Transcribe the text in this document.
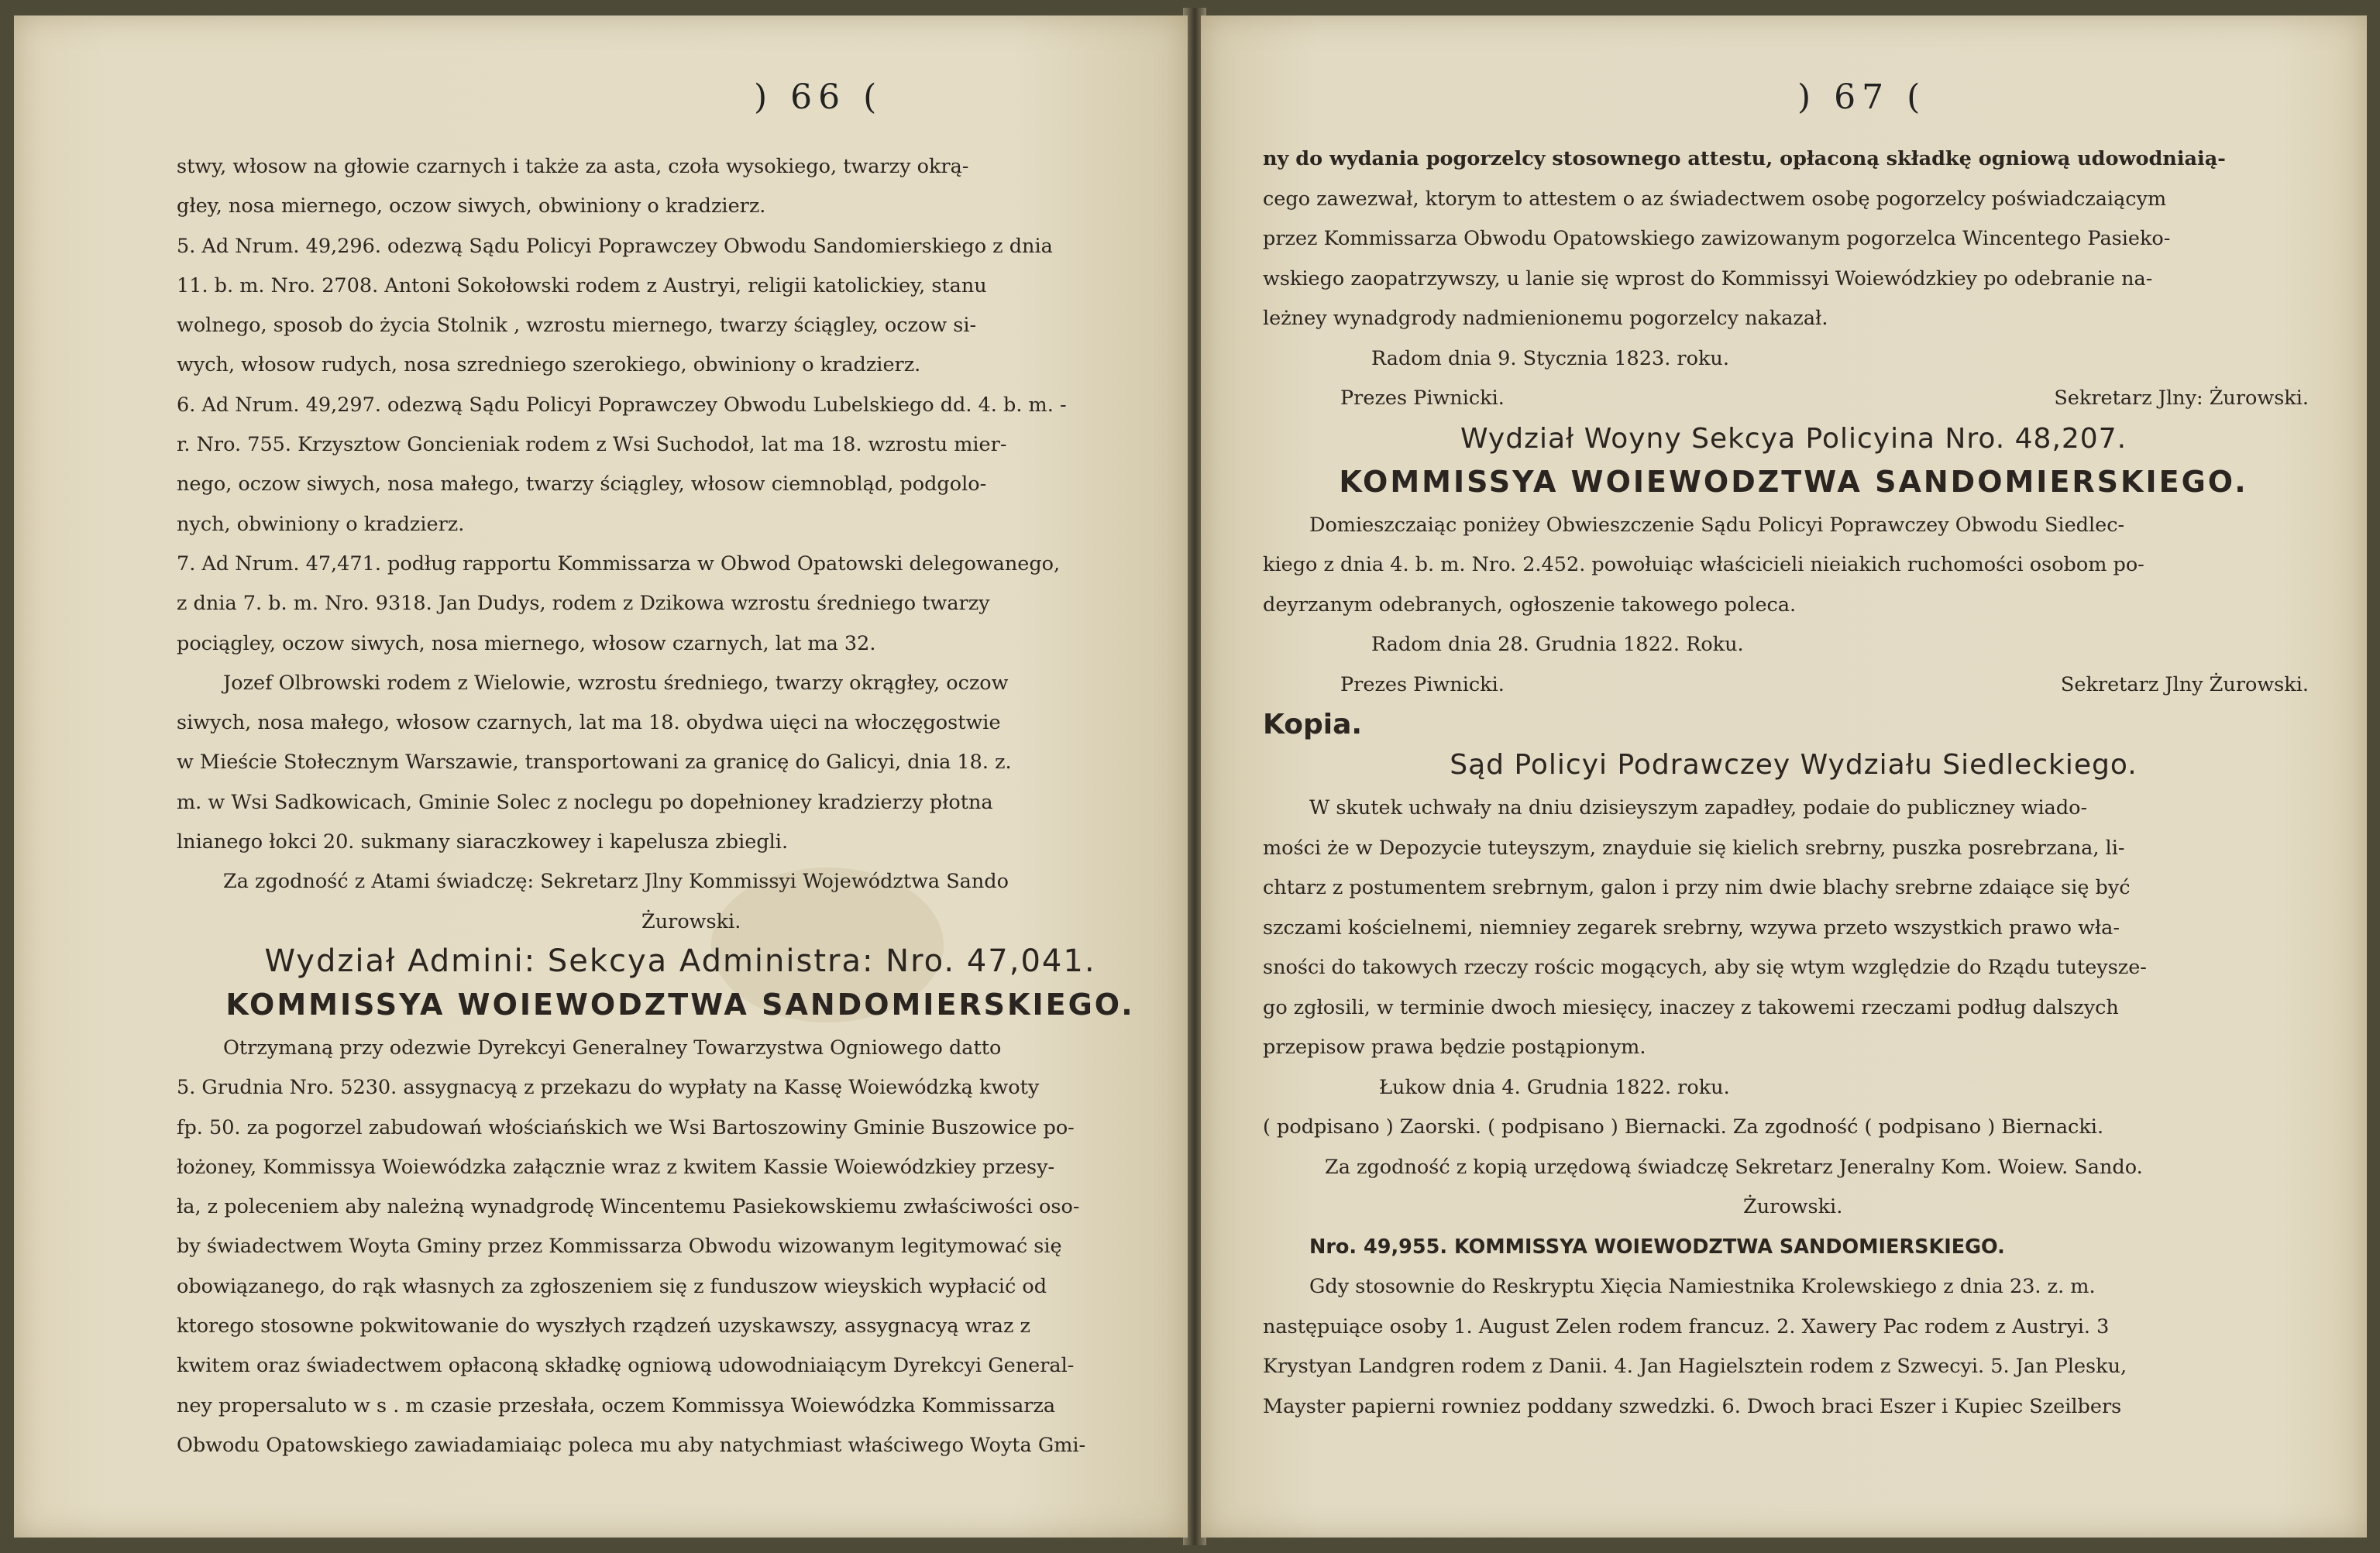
) 66 (
stwy, włosow na głowie czarnych i także za asta, czoła wysokiego, twarzy okrą-
głey, nosa miernego, oczow siwych, obwiniony o kradzierz.
5. Ad Nrum. 49,296. odezwą Sądu Policyi Poprawczey Obwodu Sandomierskiego z dnia
11. b. m. Nro. 2708. Antoni Sokołowski rodem z Austryi, religii katolickiey, stanu
wolnego, sposob do życia Stolnik , wzrostu miernego, twarzy ściągley, oczow si-
wych, włosow rudych, nosa szredniego szerokiego, obwiniony o kradzierz.
6. Ad Nrum. 49,297. odezwą Sądu Policyi Poprawczey Obwodu Lubelskiego dd. 4. b. m. -
r. Nro. 755. Krzysztow Goncieniak rodem z Wsi Suchodoł, lat ma 18. wzrostu mier-
nego, oczow siwych, nosa małego, twarzy ściągley, włosow ciemnobląd, podgolo-
nych, obwiniony o kradzierz.
7. Ad Nrum. 47,471. podług rapportu Kommissarza w Obwod Opatowski delegowanego,
z dnia 7. b. m. Nro. 9318. Jan Dudys, rodem z Dzikowa wzrostu średniego twarzy
pociągley, oczow siwych, nosa miernego, włosow czarnych, lat ma 32.
Jozef Olbrowski rodem z Wielowie, wzrostu średniego, twarzy okrągłey, oczow
siwych, nosa małego, włosow czarnych, lat ma 18. obydwa uięci na włoczęgostwie
w Mieście Stołecznym Warszawie, transportowani za granicę do Galicyi, dnia 18. z.
m. w Wsi Sadkowicach, Gminie Solec z noclegu po dopełnioney kradzierzy płotna
lnianego łokci 20. sukmany siaraczkowey i kapelusza zbiegli.
Za zgodność z Atami świadczę: Sekretarz Jlny Kommissyi Województwa Sando
Żurowski.
Wydział Admini: Sekcya Administra: Nro. 47,041.
KOMMISSYA WOIEWODZTWA SANDOMIERSKIEGO.
Otrzymaną przy odezwie Dyrekcyi Generalney Towarzystwa Ogniowego datto
5. Grudnia Nro. 5230. assygnacyą z przekazu do wypłaty na Kassę Woiewódzką kwoty
fp. 50. za pogorzel zabudowań włościańskich we Wsi Bartoszowiny Gminie Buszowice po-
łożoney, Kommissya Woiewódzka załącznie wraz z kwitem Kassie Woiewódzkiey przesy-
ła, z poleceniem aby należną wynadgrodę Wincentemu Pasiekowskiemu zwłaściwości oso-
by świadectwem Woyta Gminy przez Kommissarza Obwodu wizowanym legitymować się
obowiązanego, do rąk własnych za zgłoszeniem się z funduszow wieyskich wypłacić od
ktorego stosowne pokwitowanie do wyszłych rządzeń uzyskawszy, assygnacyą wraz z
kwitem oraz świadectwem opłaconą składkę ogniową udowodniaiącym Dyrekcyi General-
ney propersaluto w s . m czasie przesłała, oczem Kommissya Woiewódzka Kommissarza
Obwodu Opatowskiego zawiadamiaiąc poleca mu aby natychmiast właściwego Woyta Gmi-
) 67 (
ny do wydania pogorzelcy stosownego attestu, opłaconą składkę ogniową udowodniaią-
cego zawezwał, ktorym to attestem o az świadectwem osobę pogorzelcy poświadczaiącym
przez Kommissarza Obwodu Opatowskiego zawizowanym pogorzelca Wincentego Pasieko-
wskiego zaopatrzywszy, u lanie się wprost do Kommissyi Woiewódzkiey po odebranie na-
leżney wynadgrody nadmienionemu pogorzelcy nakazał.
Radom dnia 9. Stycznia 1823. roku.
Prezes Piwnicki.	Sekretarz Jlny: Żurowski.
Wydział Woyny Sekcya Policyina Nro. 48,207.
KOMMISSYA WOIEWODZTWA SANDOMIERSKIEGO.
Domieszczaiąc poniżey Obwieszczenie Sądu Policyi Poprawczey Obwodu Siedlec-
kiego z dnia 4. b. m. Nro. 2.452. powołuiąc właścicieli nieiakich ruchomości osobom po-
deyrzanym odebranych, ogłoszenie takowego poleca.
Radom dnia 28. Grudnia 1822. Roku.
Prezes Piwnicki.	Sekretarz Jlny Żurowski.
Kopia.
Sąd Policyi Podrawczey Wydziału Siedleckiego.
W skutek uchwały na dniu dzisieyszym zapadłey, podaie do publiczney wiado-
mości że w Depozycie tuteyszym, znayduie się kielich srebrny, puszka posrebrzana, li-
chtarz z postumentem srebrnym, galon i przy nim dwie blachy srebrne zdaiące się być
szczami kościelnemi, niemniey zegarek srebrny, wzywa przeto wszystkich prawo wła-
sności do takowych rzeczy rościc mogących, aby się wtym względzie do Rządu tuteysze-
go zgłosili, w terminie dwoch miesięcy, inaczey z takowemi rzeczami podług dalszych
przepisow prawa będzie postąpionym.
Łukow dnia 4. Grudnia 1822. roku.
( podpisano ) Zaorski. ( podpisano ) Biernacki. Za zgodność ( podpisano ) Biernacki.
Za zgodność z kopią urzędową świadczę Sekretarz Jeneralny Kom. Woiew. Sando.
Żurowski.
Nro. 49,955. KOMMISSYA WOIEWODZTWA SANDOMIERSKIEGO.
Gdy stosownie do Reskryptu Xięcia Namiestnika Krolewskiego z dnia 23. z. m.
następuiące osoby 1. August Zelen rodem francuz. 2. Xawery Pac rodem z Austryi. 3
Krystyan Landgren rodem z Danii. 4. Jan Hagielsztein rodem z Szwecyi. 5. Jan Plesku,
Mayster papierni rowniez poddany szwedzki. 6. Dwoch braci Eszer i Kupiec Szeilbers
